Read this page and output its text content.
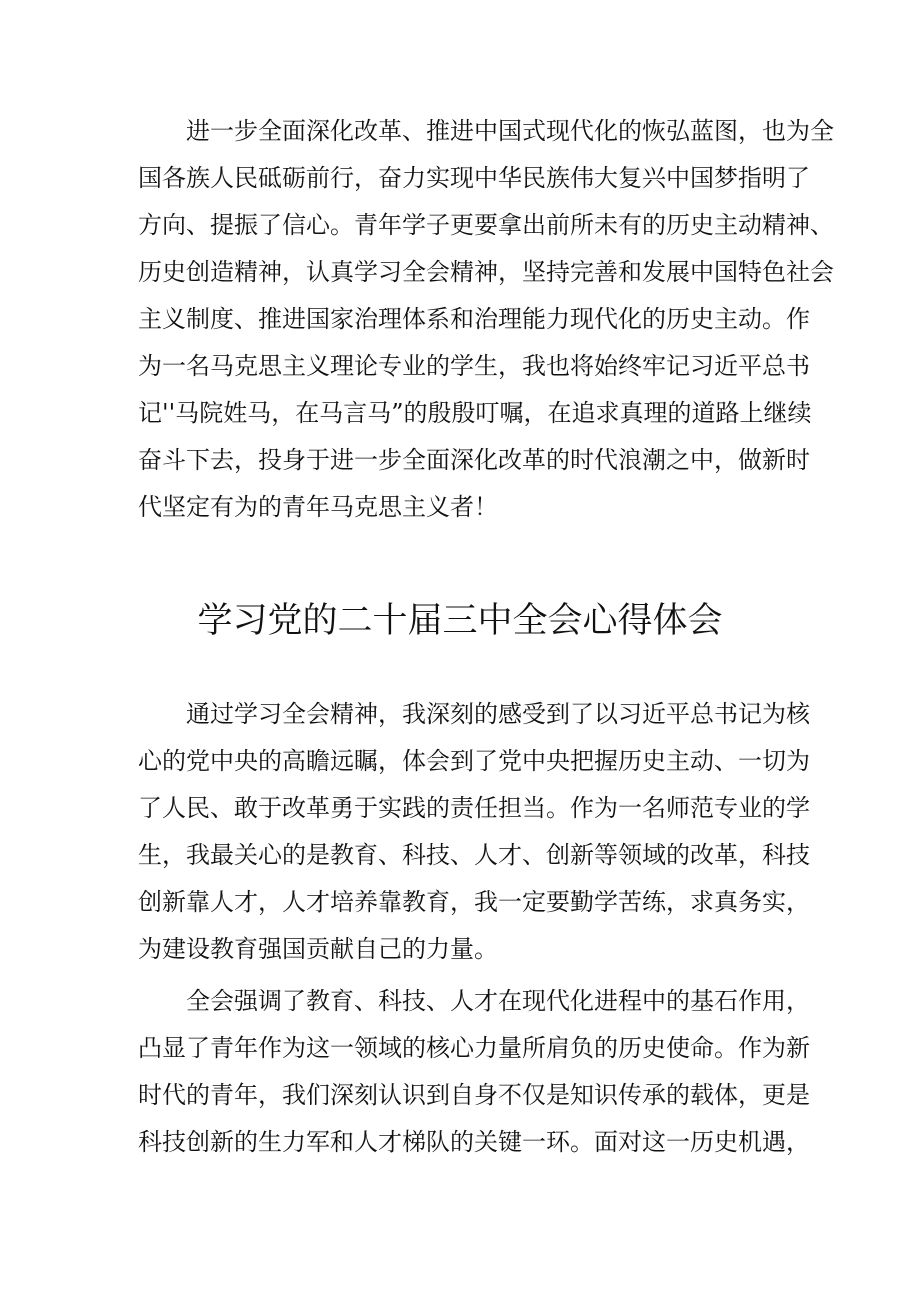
进一步全面深化改革、推进中国式现代化的恢弘蓝图，也为全
国各族人民砥砺前行，奋力实现中华民族伟大复兴中国梦指明了
方向、提振了信心。青年学子更要拿出前所未有的历史主动精神、
历史创造精神，认真学习全会精神，坚持完善和发展中国特色社会
主义制度、推进国家治理体系和治理能力现代化的历史主动。作
为一名马克思主义理论专业的学生，我也将始终牢记习近平总书
记''马院姓马，在马言马”的殷殷叮嘱，在追求真理的道路上继续
奋斗下去，投身于进一步全面深化改革的时代浪潮之中，做新时
代坚定有为的青年马克思主义者！
学习党的二十届三中全会心得体会
通过学习全会精神，我深刻的感受到了以习近平总书记为核
心的党中央的高瞻远瞩，体会到了党中央把握历史主动、一切为
了人民、敢于改革勇于实践的责任担当。作为一名师范专业的学
生，我最关心的是教育、科技、人才、创新等领域的改革，科技
创新靠人才，人才培养靠教育，我一定要勤学苦练，求真务实，
为建设教育强国贡献自己的力量。
全会强调了教育、科技、人才在现代化进程中的基石作用，
凸显了青年作为这一领域的核心力量所肩负的历史使命。作为新
时代的青年，我们深刻认识到自身不仅是知识传承的载体，更是
科技创新的生力军和人才梯队的关键一环。面对这一历史机遇，
